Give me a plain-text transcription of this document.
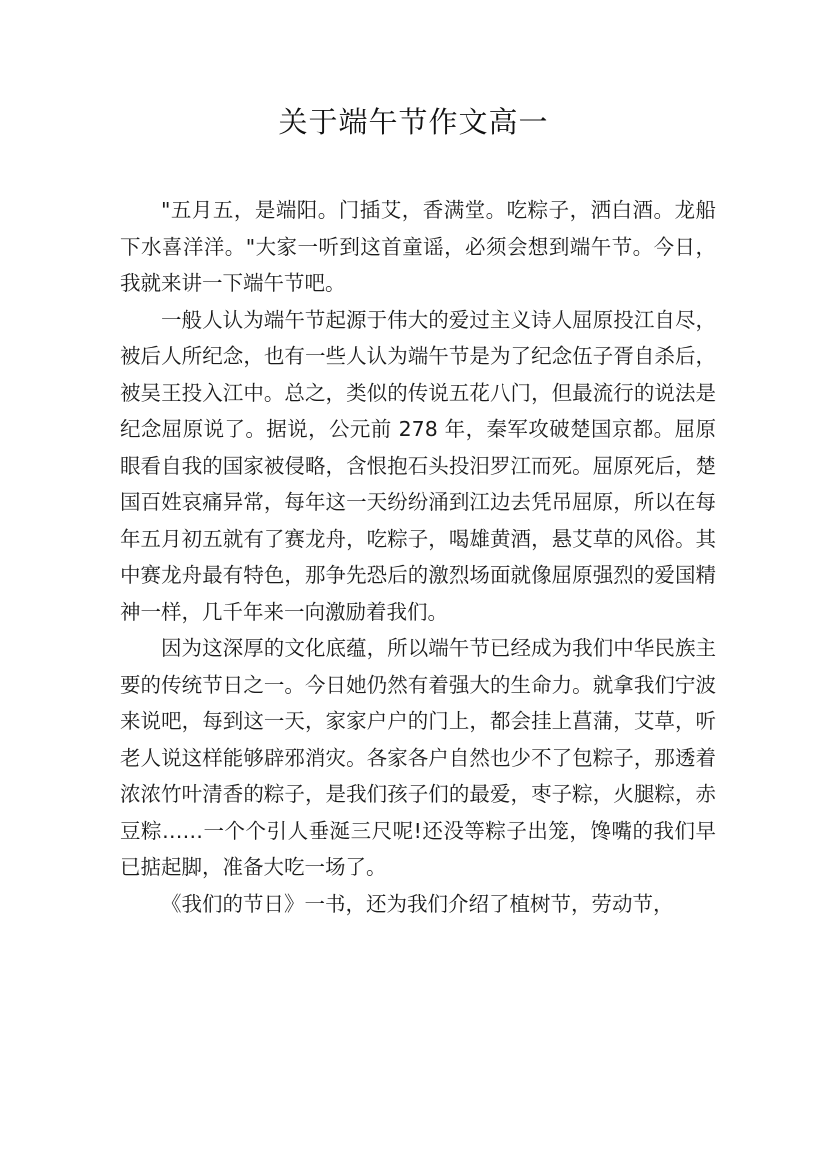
关于端午节作文高一

"五月五，是端阳。门插艾，香满堂。吃粽子，洒白酒。龙船下水喜洋洋。"大家一听到这首童谣，必须会想到端午节。今日，我就来讲一下端午节吧。

一般人认为端午节起源于伟大的爱过主义诗人屈原投江自尽，被后人所纪念，也有一些人认为端午节是为了纪念伍子胥自杀后，被吴王投入江中。总之，类似的传说五花八门，但最流行的说法是纪念屈原说了。据说，公元前 278 年，秦军攻破楚国京都。屈原眼看自我的国家被侵略，含恨抱石头投汨罗江而死。屈原死后，楚国百姓哀痛异常，每年这一天纷纷涌到江边去凭吊屈原，所以在每年五月初五就有了赛龙舟，吃粽子，喝雄黄酒，悬艾草的风俗。其中赛龙舟最有特色，那争先恐后的激烈场面就像屈原强烈的爱国精神一样，几千年来一向激励着我们。

因为这深厚的文化底蕴，所以端午节已经成为我们中华民族主要的传统节日之一。今日她仍然有着强大的生命力。就拿我们宁波来说吧，每到这一天，家家户户的门上，都会挂上菖蒲，艾草，听老人说这样能够辟邪消灾。各家各户自然也少不了包粽子，那透着浓浓竹叶清香的粽子，是我们孩子们的最爱，枣子粽，火腿粽，赤豆粽……一个个引人垂涎三尺呢!还没等粽子出笼，馋嘴的我们早已掂起脚，准备大吃一场了。

《我们的节日》一书，还为我们介绍了植树节，劳动节，
